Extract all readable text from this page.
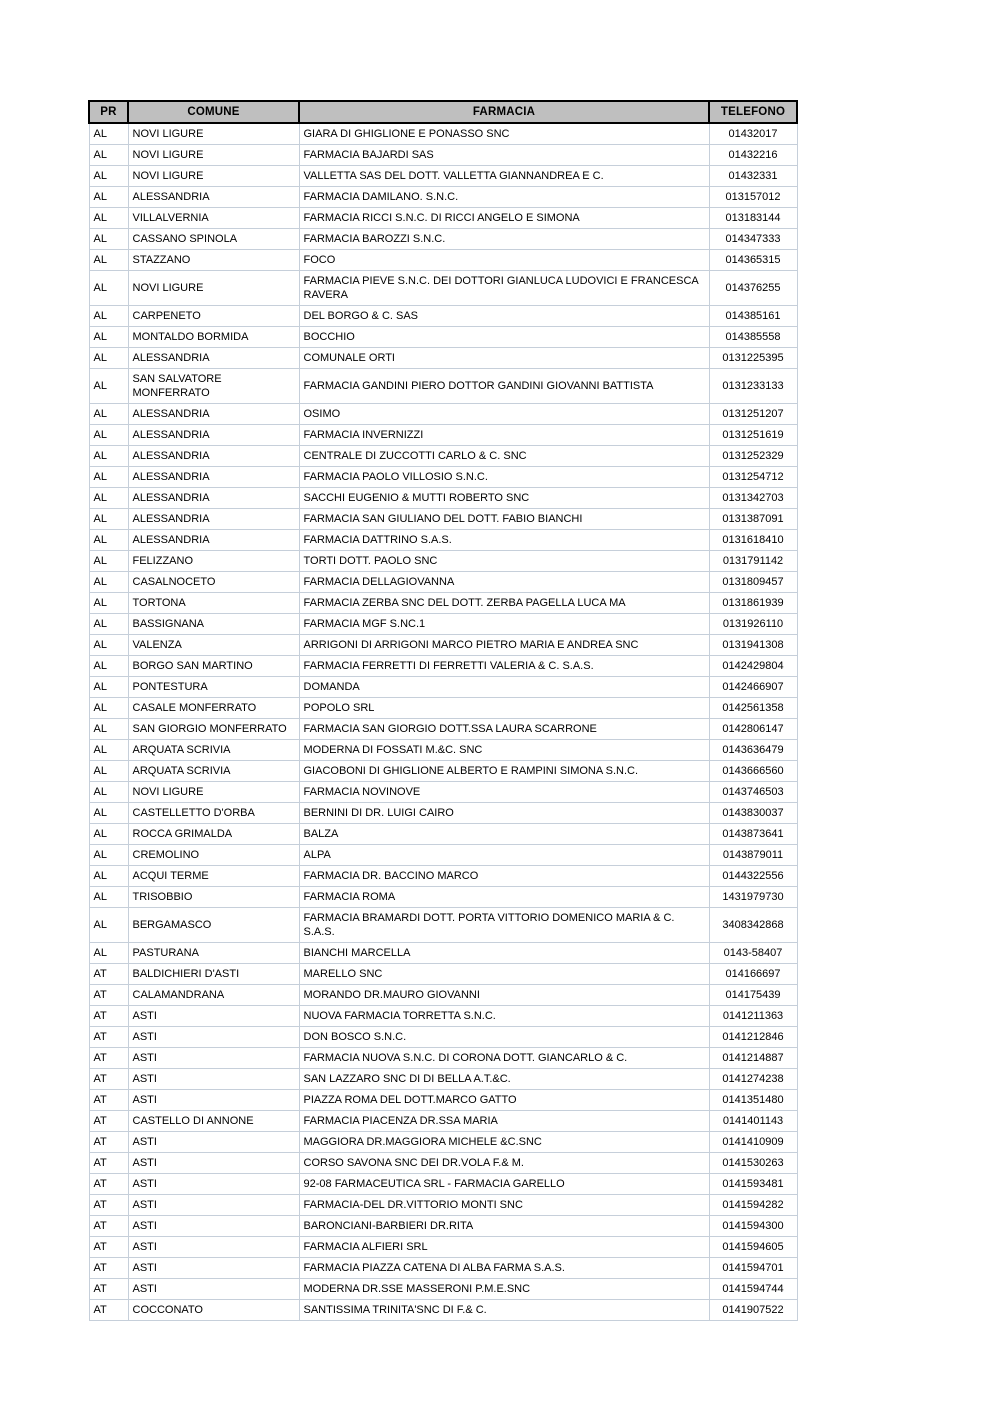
PR	COMUNE	FARMACIA	TELEFONO
AL	NOVI LIGURE	GIARA DI GHIGLIONE E PONASSO SNC	01432017
AL	NOVI LIGURE	FARMACIA BAJARDI SAS	01432216
AL	NOVI LIGURE	VALLETTA SAS DEL DOTT. VALLETTA GIANNANDREA E C.	01432331
AL	ALESSANDRIA	FARMACIA DAMILANO. S.N.C.	013157012
AL	VILLALVERNIA	FARMACIA RICCI S.N.C. DI RICCI ANGELO E SIMONA	013183144
AL	CASSANO SPINOLA	FARMACIA BAROZZI S.N.C.	014347333
AL	STAZZANO	FOCO	014365315
AL	NOVI LIGURE	FARMACIA PIEVE S.N.C. DEI DOTTORI GIANLUCA LUDOVICI E FRANCESCA RAVERA	014376255
AL	CARPENETO	DEL BORGO & C. SAS	014385161
AL	MONTALDO BORMIDA	BOCCHIO	014385558
AL	ALESSANDRIA	COMUNALE ORTI	0131225395
AL	SAN SALVATORE MONFERRATO	FARMACIA GANDINI PIERO DOTTOR GANDINI GIOVANNI BATTISTA	0131233133
AL	ALESSANDRIA	OSIMO	0131251207
AL	ALESSANDRIA	FARMACIA INVERNIZZI	0131251619
AL	ALESSANDRIA	CENTRALE DI ZUCCOTTI CARLO & C. SNC	0131252329
AL	ALESSANDRIA	FARMACIA PAOLO VILLOSIO S.N.C.	0131254712
AL	ALESSANDRIA	SACCHI EUGENIO & MUTTI ROBERTO SNC	0131342703
AL	ALESSANDRIA	FARMACIA SAN GIULIANO DEL DOTT. FABIO BIANCHI	0131387091
AL	ALESSANDRIA	FARMACIA DATTRINO S.A.S.	0131618410
AL	FELIZZANO	TORTI DOTT. PAOLO SNC	0131791142
AL	CASALNOCETO	FARMACIA DELLAGIOVANNA	0131809457
AL	TORTONA	FARMACIA ZERBA SNC DEL DOTT. ZERBA PAGELLA LUCA MA	0131861939
AL	BASSIGNANA	FARMACIA MGF S.NC.1	0131926110
AL	VALENZA	ARRIGONI DI ARRIGONI MARCO PIETRO MARIA E ANDREA SNC	0131941308
AL	BORGO SAN MARTINO	FARMACIA FERRETTI DI FERRETTI VALERIA & C. S.A.S.	0142429804
AL	PONTESTURA	DOMANDA	0142466907
AL	CASALE MONFERRATO	POPOLO SRL	0142561358
AL	SAN GIORGIO MONFERRATO	FARMACIA SAN GIORGIO DOTT.SSA LAURA SCARRONE	0142806147
AL	ARQUATA SCRIVIA	MODERNA DI FOSSATI M.&C. SNC	0143636479
AL	ARQUATA SCRIVIA	GIACOBONI DI GHIGLIONE ALBERTO E RAMPINI SIMONA S.N.C.	0143666560
AL	NOVI LIGURE	FARMACIA NOVINOVE	0143746503
AL	CASTELLETTO D'ORBA	BERNINI DI DR. LUIGI CAIRO	0143830037
AL	ROCCA GRIMALDA	BALZA	0143873641
AL	CREMOLINO	ALPA	0143879011
AL	ACQUI TERME	FARMACIA DR. BACCINO MARCO	0144322556
AL	TRISOBBIO	FARMACIA ROMA	1431979730
AL	BERGAMASCO	FARMACIA BRAMARDI DOTT. PORTA VITTORIO DOMENICO MARIA & C. S.A.S.	3408342868
AL	PASTURANA	BIANCHI MARCELLA	0143-58407
AT	BALDICHIERI D'ASTI	MARELLO SNC	014166697
AT	CALAMANDRANA	MORANDO DR.MAURO GIOVANNI	014175439
AT	ASTI	NUOVA FARMACIA TORRETTA S.N.C.	0141211363
AT	ASTI	DON BOSCO S.N.C.	0141212846
AT	ASTI	FARMACIA NUOVA S.N.C. DI CORONA DOTT. GIANCARLO & C.	0141214887
AT	ASTI	SAN LAZZARO SNC DI DI BELLA A.T.&C.	0141274238
AT	ASTI	PIAZZA ROMA DEL DOTT.MARCO GATTO	0141351480
AT	CASTELLO DI ANNONE	FARMACIA PIACENZA DR.SSA MARIA	0141401143
AT	ASTI	MAGGIORA DR.MAGGIORA MICHELE &C.SNC	0141410909
AT	ASTI	CORSO SAVONA SNC DEI DR.VOLA F.& M.	0141530263
AT	ASTI	92-08 FARMACEUTICA SRL - FARMACIA GARELLO	0141593481
AT	ASTI	FARMACIA-DEL DR.VITTORIO MONTI SNC	0141594282
AT	ASTI	BARONCIANI-BARBIERI DR.RITA	0141594300
AT	ASTI	FARMACIA ALFIERI SRL	0141594605
AT	ASTI	FARMACIA PIAZZA CATENA DI ALBA FARMA S.A.S.	0141594701
AT	ASTI	MODERNA DR.SSE MASSERONI P.M.E.SNC	0141594744
AT	COCCONATO	SANTISSIMA TRINITA'SNC DI F.& C.	0141907522
